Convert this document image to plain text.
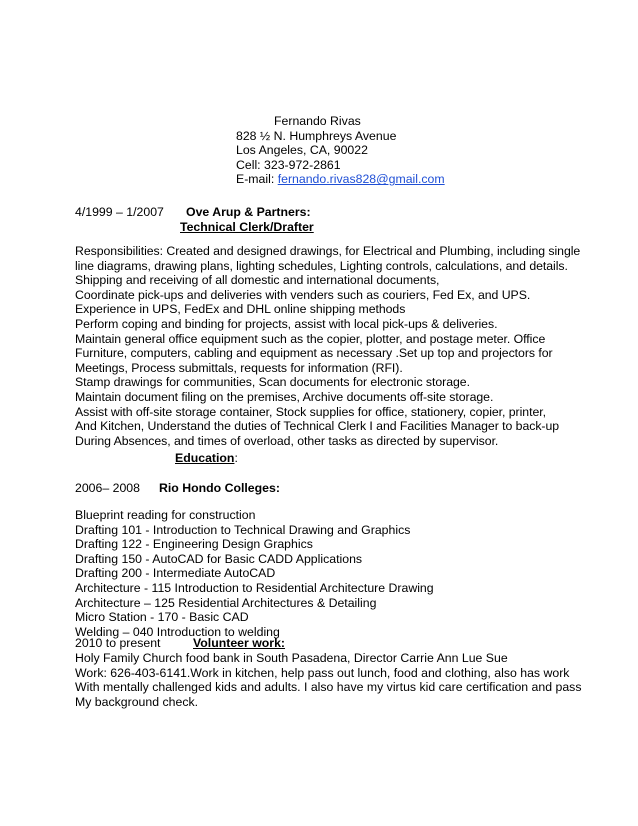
Fernando Rivas
828 ½ N. Humphreys Avenue
Los Angeles, CA, 90022
Cell: 323-972-2861
E-mail: fernando.rivas828@gmail.com
4/1999 – 1/2007 Ove Arup & Partners:
Technical Clerk/Drafter
Responsibilities: Created and designed drawings, for Electrical and Plumbing, including single
line diagrams, drawing plans, lighting schedules, Lighting controls, calculations, and details.
Shipping and receiving of all domestic and international documents,
Coordinate pick-ups and deliveries with venders such as couriers, Fed Ex, and UPS.
Experience in UPS, FedEx and DHL online shipping methods
Perform coping and binding for projects, assist with local pick-ups & deliveries.
Maintain general office equipment such as the copier, plotter, and postage meter. Office
Furniture, computers, cabling and equipment as necessary .Set up top and projectors for
Meetings, Process submittals, requests for information (RFI).
Stamp drawings for communities, Scan documents for electronic storage.
Maintain document filing on the premises, Archive documents off-site storage.
Assist with off-site storage container, Stock supplies for office, stationery, copier, printer,
And Kitchen, Understand the duties of Technical Clerk I and Facilities Manager to back-up
During Absences, and times of overload, other tasks as directed by supervisor.
Education:
2006– 2008 Rio Hondo Colleges:
Blueprint reading for construction
Drafting 101 - Introduction to Technical Drawing and Graphics
Drafting 122 - Engineering Design Graphics
Drafting 150 - AutoCAD for Basic CADD Applications
Drafting 200 - Intermediate AutoCAD
Architecture - 115 Introduction to Residential Architecture Drawing
Architecture – 125 Residential Architectures & Detailing
Micro Station - 170 - Basic CAD
Welding – 040 Introduction to welding
2010 to present	Volunteer work:
Holy Family Church food bank in South Pasadena, Director Carrie Ann Lue Sue
Work: 626-403-6141.Work in kitchen, help pass out lunch, food and clothing, also has work
With mentally challenged kids and adults. I also have my virtus kid care certification and pass
My background check.
